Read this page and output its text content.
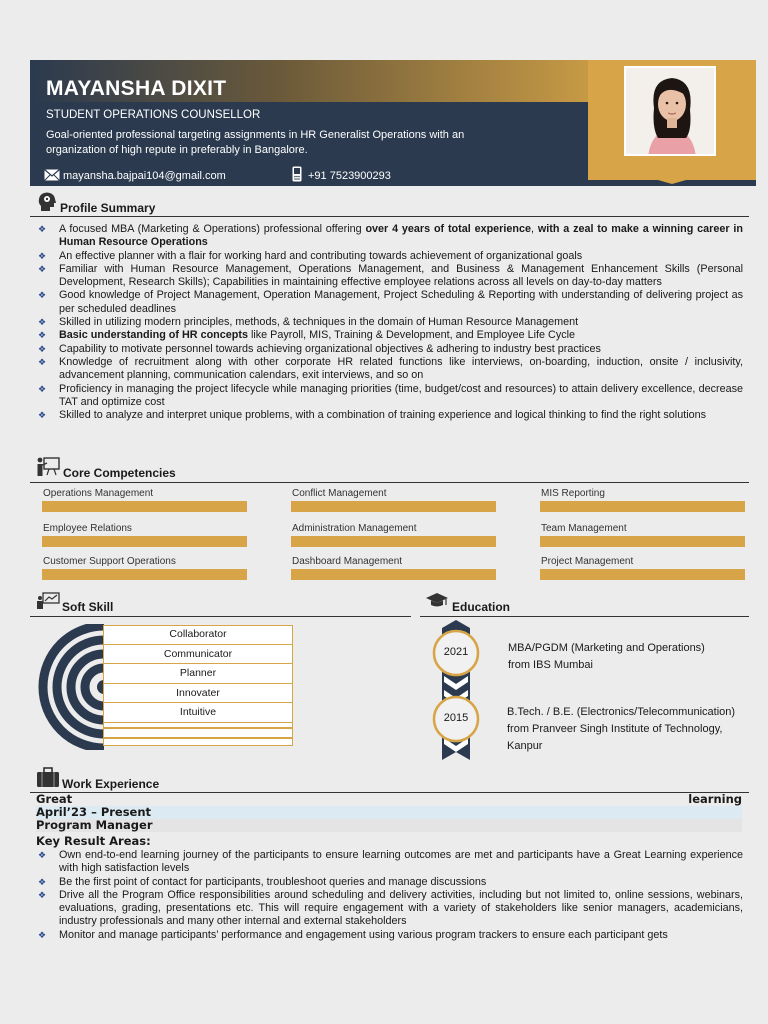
MAYANSHA DIXIT
STUDENT OPERATIONS COUNSELLOR
Goal-oriented professional targeting assignments in HR Generalist Operations with an organization of high repute in preferably in Bangalore.
mayansha.bajpai104@gmail.com	+91 7523900293
Profile Summary
❖ A focused MBA (Marketing & Operations) professional offering over 4 years of total experience, with a zeal to make a winning career in Human Resource Operations
❖ An effective planner with a flair for working hard and contributing towards achievement of organizational goals
❖ Familiar with Human Resource Management, Operations Management, and Business & Management Enhancement Skills (Personal Development, Research Skills); Capabilities in maintaining effective employee relations across all levels on day-to-day matters
❖ Good knowledge of Project Management, Operation Management, Project Scheduling & Reporting with understanding of delivering project as per scheduled deadlines
❖ Skilled in utilizing modern principles, methods, & techniques in the domain of Human Resource Management
❖ Basic understanding of HR concepts like Payroll, MIS, Training & Development, and Employee Life Cycle
❖ Capability to motivate personnel towards achieving organizational objectives & adhering to industry best practices
❖ Knowledge of recruitment along with other corporate HR related functions like interviews, on-boarding, induction, onsite / inclusivity, advancement planning, communication calendars, exit interviews, and so on
❖ Proficiency in managing the project lifecycle while managing priorities (time, budget/cost and resources) to attain delivery excellence, decrease TAT and optimize cost
❖ Skilled to analyze and interpret unique problems, with a combination of training experience and logical thinking to find the right solutions
Core Competencies
Operations Management	Conflict Management	MIS Reporting
Employee Relations	Administration Management	Team Management
Customer Support Operations	Dashboard Management	Project Management
Soft Skill
Collaborator
Communicator
Planner
Innovater
Intuitive
Education
2021
2015
MBA/PGDM (Marketing and Operations)
from IBS Mumbai
B.Tech. / B.E. (Electronics/Telecommunication)
from Pranveer Singh Institute of Technology,
Kanpur
Work Experience
Great	learning
April’23 – Present
Program Manager
Key Result Areas:
❖ Own end-to-end learning journey of the participants to ensure learning outcomes are met and participants have a Great Learning experience with high satisfaction levels
❖ Be the first point of contact for participants, troubleshoot queries and manage discussions
❖ Drive all the Program Office responsibilities around scheduling and delivery activities, including but not limited to, online sessions, webinars, evaluations, grading, presentations etc. This will require engagement with a variety of stakeholders like senior managers, academicians, industry professionals and many other internal and external stakeholders
❖ Monitor and manage participants’ performance and engagement using various program trackers to ensure each participant gets
